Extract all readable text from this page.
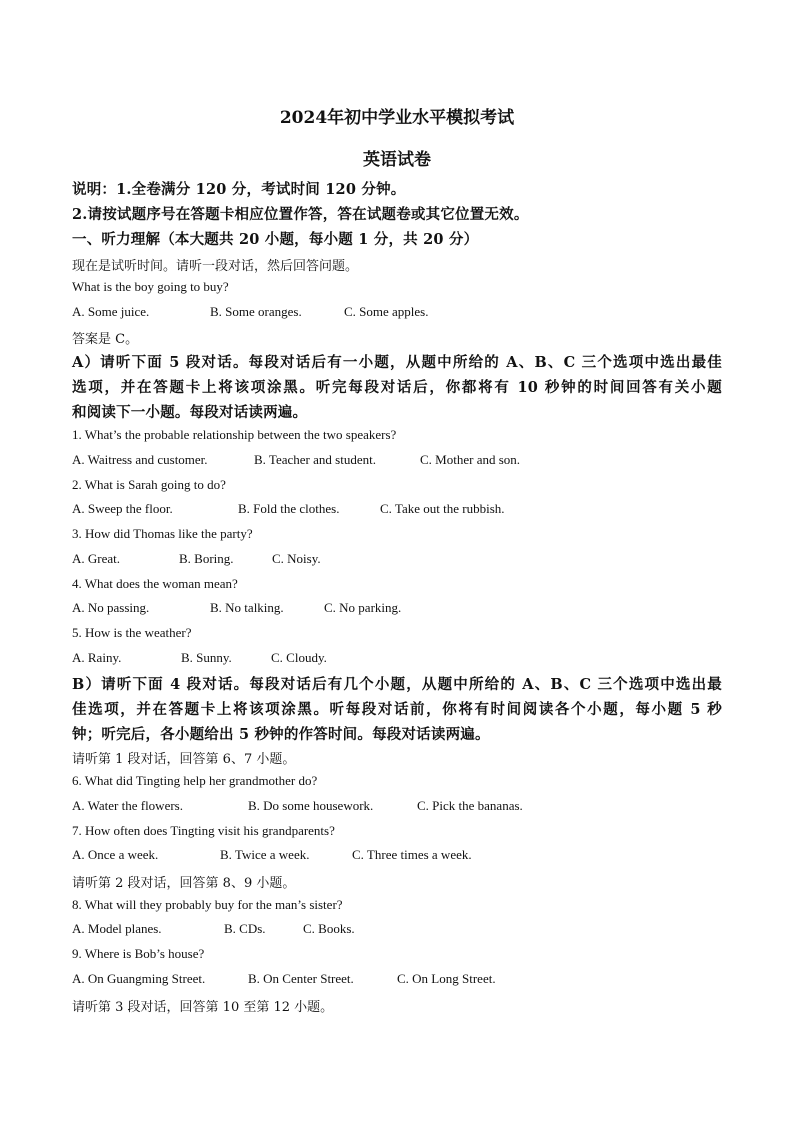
2024年初中学业水平模拟考试
英语试卷
说明：1.全卷满分 120 分，考试时间 120 分钟。
2.请按试题序号在答题卡相应位置作答，答在试题卷或其它位置无效。
一、听力理解（本大题共 20 小题，每小题 1 分，共 20 分）
现在是试听时间。请听一段对话，然后回答问题。
What is the boy going to buy?
A. Some juice.	B. Some oranges.	C. Some apples.
答案是 C。
A）请听下面 5 段对话。每段对话后有一小题，从题中所给的 A、B、C 三个选项中选出最佳
选项，并在答题卡上将该项涂黑。听完每段对话后，你都将有 10 秒钟的时间回答有关小题
和阅读下一小题。每段对话读两遍。
1. What’s the probable relationship between the two speakers?
A. Waitress and customer.	B. Teacher and student.	C. Mother and son.
2. What is Sarah going to do?
A. Sweep the floor.	B. Fold the clothes.	C. Take out the rubbish.
3. How did Thomas like the party?
A. Great.	B. Boring.	C. Noisy.
4. What does the woman mean?
A. No passing.	B. No talking.	C. No parking.
5. How is the weather?
A. Rainy.	B. Sunny.	C. Cloudy.
B）请听下面 4 段对话。每段对话后有几个小题，从题中所给的 A、B、C 三个选项中选出最
佳选项，并在答题卡上将该项涂黑。听每段对话前，你将有时间阅读各个小题，每小题 5 秒
钟；听完后，各小题给出 5 秒钟的作答时间。每段对话读两遍。
请听第 1 段对话，回答第 6、7 小题。
6. What did Tingting help her grandmother do?
A. Water the flowers.	B. Do some housework.	C. Pick the bananas.
7. How often does Tingting visit his grandparents?
A. Once a week.	B. Twice a week.	C. Three times a week.
请听第 2 段对话，回答第 8、9 小题。
8. What will they probably buy for the man’s sister?
A. Model planes.	B. CDs.	C. Books.
9. Where is Bob’s house?
A. On Guangming Street.	B. On Center Street.	C. On Long Street.
请听第 3 段对话，回答第 10 至第 12 小题。
